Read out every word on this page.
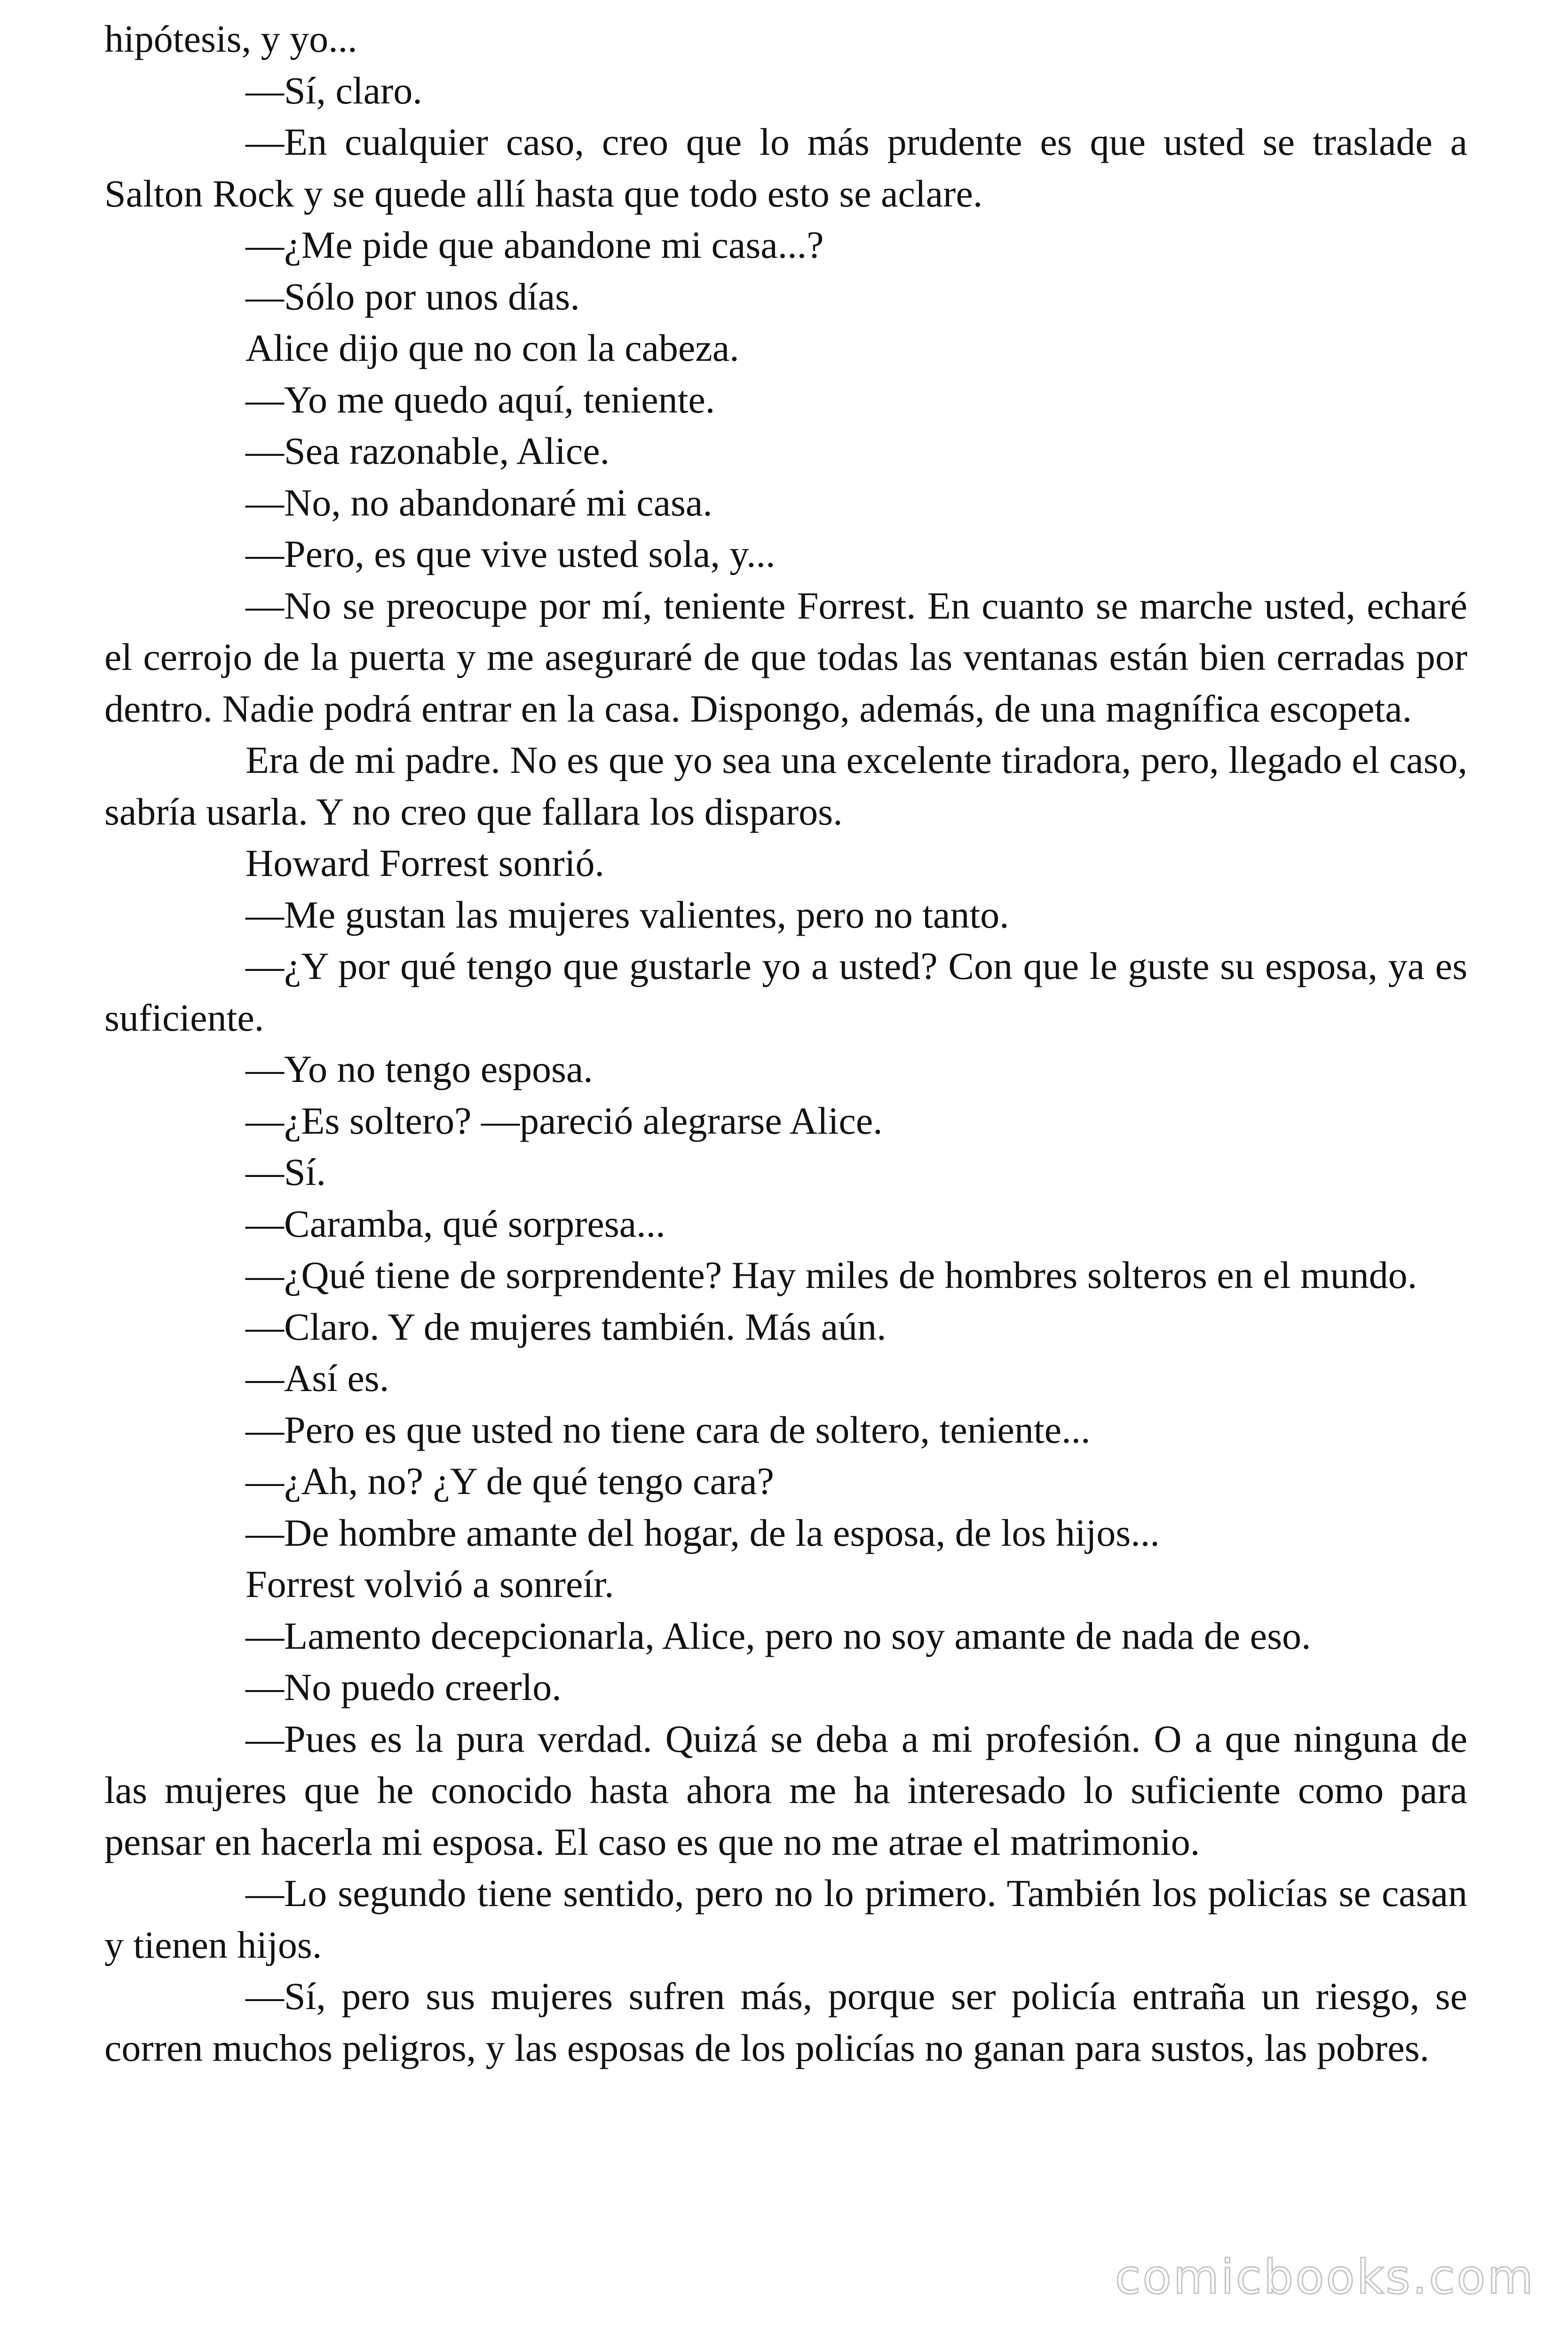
hipótesis, y yo...

—Sí, claro.

—En cualquier caso, creo que lo más prudente es que usted se traslade a Salton Rock y se quede allí hasta que todo esto se aclare.

—¿Me pide que abandone mi casa...?

—Sólo por unos días.

Alice dijo que no con la cabeza.

—Yo me quedo aquí, teniente.

—Sea razonable, Alice.

—No, no abandonaré mi casa.

—Pero, es que vive usted sola, y...

—No se preocupe por mí, teniente Forrest. En cuanto se marche usted, echaré el cerrojo de la puerta y me aseguraré de que todas las ventanas están bien cerradas por dentro. Nadie podrá entrar en la casa. Dispongo, además, de una magnífica escopeta.

Era de mi padre. No es que yo sea una excelente tiradora, pero, llegado el caso, sabría usarla. Y no creo que fallara los disparos.

Howard Forrest sonrió.

—Me gustan las mujeres valientes, pero no tanto.

—¿Y por qué tengo que gustarle yo a usted? Con que le guste su esposa, ya es suficiente.

—Yo no tengo esposa.

—¿Es soltero? —pareció alegrarse Alice.

—Sí.

—Caramba, qué sorpresa...

—¿Qué tiene de sorprendente? Hay miles de hombres solteros en el mundo.

—Claro. Y de mujeres también. Más aún.

—Así es.

—Pero es que usted no tiene cara de soltero, teniente...

—¿Ah, no? ¿Y de qué tengo cara?

—De hombre amante del hogar, de la esposa, de los hijos...

Forrest volvió a sonreír.

—Lamento decepcionarla, Alice, pero no soy amante de nada de eso.

—No puedo creerlo.

—Pues es la pura verdad. Quizá se deba a mi profesión. O a que ninguna de las mujeres que he conocido hasta ahora me ha interesado lo suficiente como para pensar en hacerla mi esposa. El caso es que no me atrae el matrimonio.

—Lo segundo tiene sentido, pero no lo primero. También los policías se casan y tienen hijos.

—Sí, pero sus mujeres sufren más, porque ser policía entraña un riesgo, se corren muchos peligros, y las esposas de los policías no ganan para sustos, las pobres.

comicbooks.com
